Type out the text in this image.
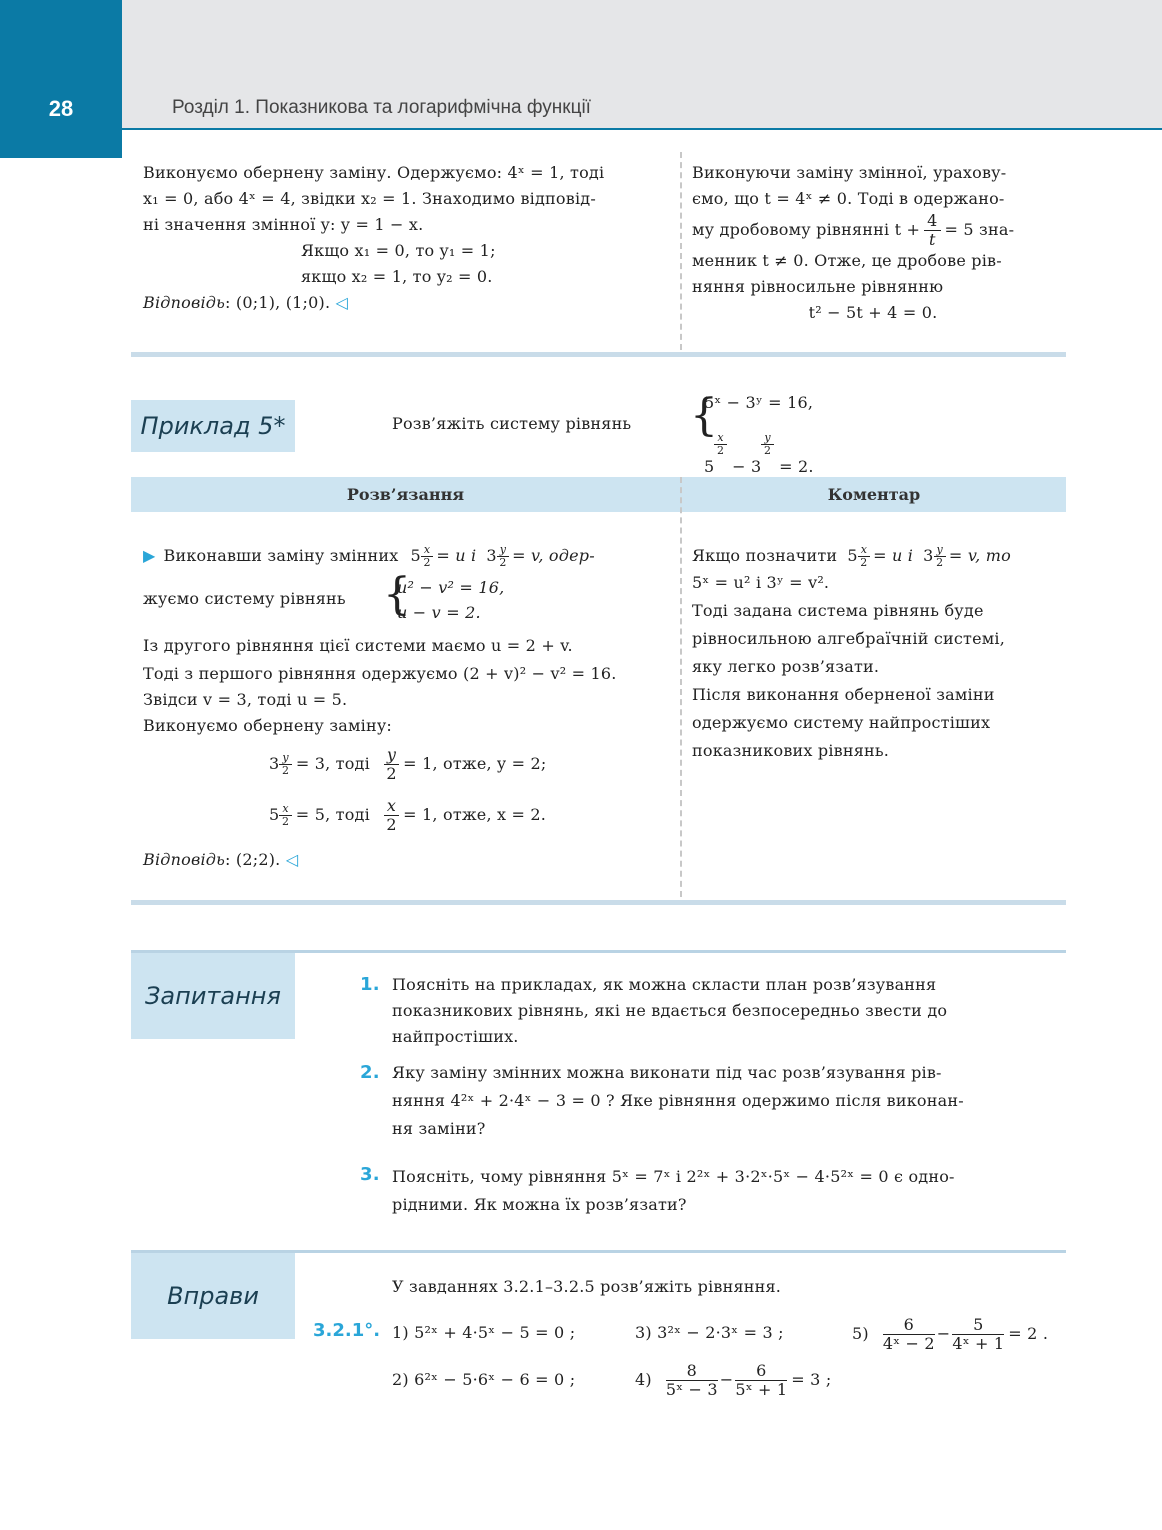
28	Розділ 1. Показникова та логарифмічна функції
Виконуємо обернену заміну. Одержуємо: 4ˣ = 1, тоді
x₁ = 0, або 4ˣ = 4, звідки x₂ = 1. Знаходимо відповід-
ні значення змінної y: y = 1 − x.
Якщо x₁ = 0, то y₁ = 1;
якщо x₂ = 1, то y₂ = 0.
Відповідь: (0;1), (1;0). ◁
Виконуючи заміну змінної, урахову-
ємо, що t = 4ˣ ≠ 0. Тоді в одержано-
му дробовому рівнянні $t + \frac{4}{t} = 5$ зна-
менник t ≠ 0. Отже, це дробове рів-
няння рівносильне рівнянню
t² − 5t + 4 = 0.
Приклад 5*	Розв’яжіть систему рівнянь {
5ˣ − 3ʸ = 16,
5
$\frac{x}{2}$
− 3
$\frac{y}{2}$
= 2.
Розв’язання	Коментар
▶ Виконавши заміну змінних $5 \frac{x}{2} = u$ і $3 \frac{y}{2} = v$, одер-
жуємо систему рівнянь {
u² − v² = 16,
u − v = 2.
Із другого рівняння цієї системи маємо u = 2 + v.
Тоді з першого рівняння одержуємо (2 + v)² − v² = 16.
Звідси v = 3, тоді u = 5.
Виконуємо обернену заміну:
$3 \frac{y}{2} = 3$, тоді $\frac{y}{2} = 1$, отже, y = 2;
$5 \frac{x}{2} = 5$, тоді $\frac{x}{2} = 1$, отже, x = 2.
Відповідь: (2;2). ◁
Якщо позначити $5 \frac{x}{2} = u$ і $3 \frac{y}{2} = v$, то
5ˣ = u² і 3ʸ = v².
Тоді задана система рівнянь буде
рівносильною алгебраїчній системі,
яку легко розв’язати.
Після виконання оберненої заміни
одержуємо систему найпростіших
показникових рівнянь.
Запитання	1. Поясніть на прикладах, як можна скласти план розв’язування
показникових рівнянь, які не вдається безпосередньо звести до
найпростіших.
2. Яку заміну змінних можна виконати під час розв’язування рів-
няння 4²ˣ + 2·4ˣ − 3 = 0 ? Яке рівняння одержимо після виконан-
ня заміни?
3. Поясніть, чому рівняння 5ˣ = 7ˣ і 2²ˣ + 3·2ˣ·5ˣ − 4·5²ˣ = 0 є одно-
рідними. Як можна їх розв’язати?
Вправи	У завданнях 3.2.1–3.2.5 розв’яжіть рівняння.
3.2.1°. 1) 5²ˣ + 4·5ˣ − 5 = 0 ;	3) 3²ˣ − 2·3ˣ = 3 ;	$5) \frac{6}{\text{4ˣ − 2}} - \frac{5}{\text{4ˣ + 1}} = 2$ .
2) 6²ˣ − 5·6ˣ − 6 = 0 ;	$4) \frac{8}{\text{5ˣ − 3}} - \frac{6}{\text{5ˣ + 1}} = 3$ ;
